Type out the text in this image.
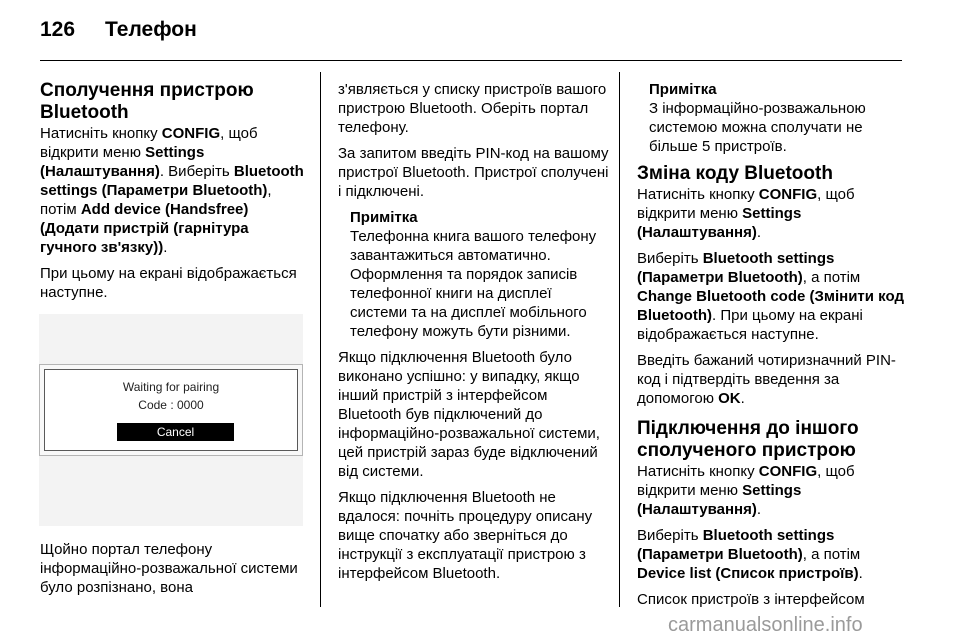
126 Телефон
Сполучення пристрою Bluetooth

Натисніть кнопку CONFIG, щоб відкрити меню Settings (Налаштування). Виберіть Bluetooth settings (Параметри Bluetooth), потім Add device (Handsfree) (Додати пристрій (гарнітура гучного зв'язку)).

При цьому на екрані відображається наступне.

Waiting for pairing
Code : 0000
Cancel

Щойно портал телефону інформаційно-розважальної системи було розпізнано, вона

з'являється у списку пристроїв вашого пристрою Bluetooth. Оберіть портал телефону.

За запитом введіть PIN-код на вашому пристрої Bluetooth. Пристрої сполучені і підключені.

Примітка
Телефонна книга вашого телефону завантажиться автоматично. Оформлення та порядок записів телефонної книги на дисплеї системи та на дисплеї мобільного телефону можуть бути різними.

Якщо підключення Bluetooth було виконано успішно: у випадку, якщо інший пристрій з інтерфейсом Bluetooth був підключений до інформаційно-розважальної системи, цей пристрій зараз буде відключений від системи.

Якщо підключення Bluetooth не вдалося: почніть процедуру описану вище спочатку або зверніться до інструкції з експлуатації пристрою з інтерфейсом Bluetooth.

Примітка
З інформаційно-розважальною системою можна сполучати не більше 5 пристроїв.
Зміна коду Bluetooth

Натисніть кнопку CONFIG, щоб відкрити меню Settings (Налаштування).

Виберіть Bluetooth settings (Параметри Bluetooth), а потім Change Bluetooth code (Змінити код Bluetooth). При цьому на екрані відображається наступне.

Введіть бажаний чотиризначний PIN-код і підтвердіть введення за допомогою OK.

Підключення до іншого сполученого пристрою

Натисніть кнопку CONFIG, щоб відкрити меню Settings (Налаштування).

Виберіть Bluetooth settings (Параметри Bluetooth), а потім Device list (Список пристроїв).

Список пристроїв з інтерфейсом

carmanualsonline.info
